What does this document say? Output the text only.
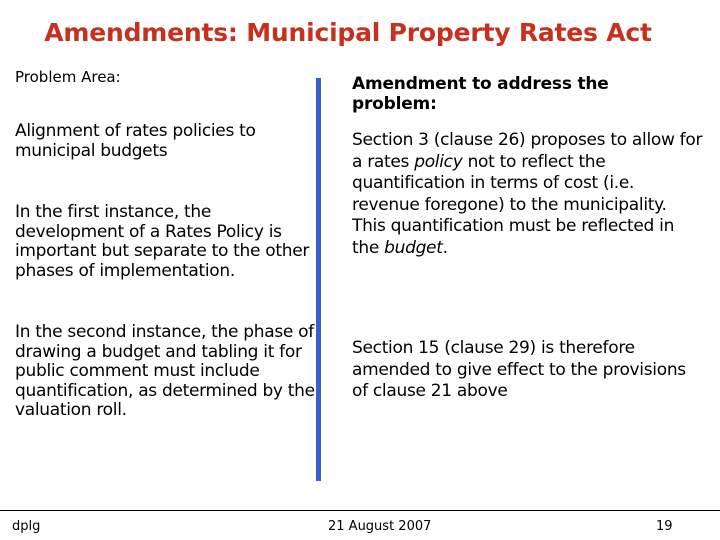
Amendments: Municipal Property Rates Act
Problem Area:
Alignment of rates policies to municipal budgets
In the first instance, the development of a Rates Policy is important but separate to the other phases of implementation.
In the second instance, the phase of drawing a budget and tabling it for public comment must include quantification, as determined by the valuation roll.
Amendment to address the problem:
Section 3 (clause 26) proposes to allow for a rates policy not to reflect the quantification in terms of cost (i.e. revenue foregone) to the municipality. This quantification must be reflected in the budget.
Section 15 (clause 29) is therefore amended to give effect to the provisions of clause 21 above
dplg	21 August 2007	19
